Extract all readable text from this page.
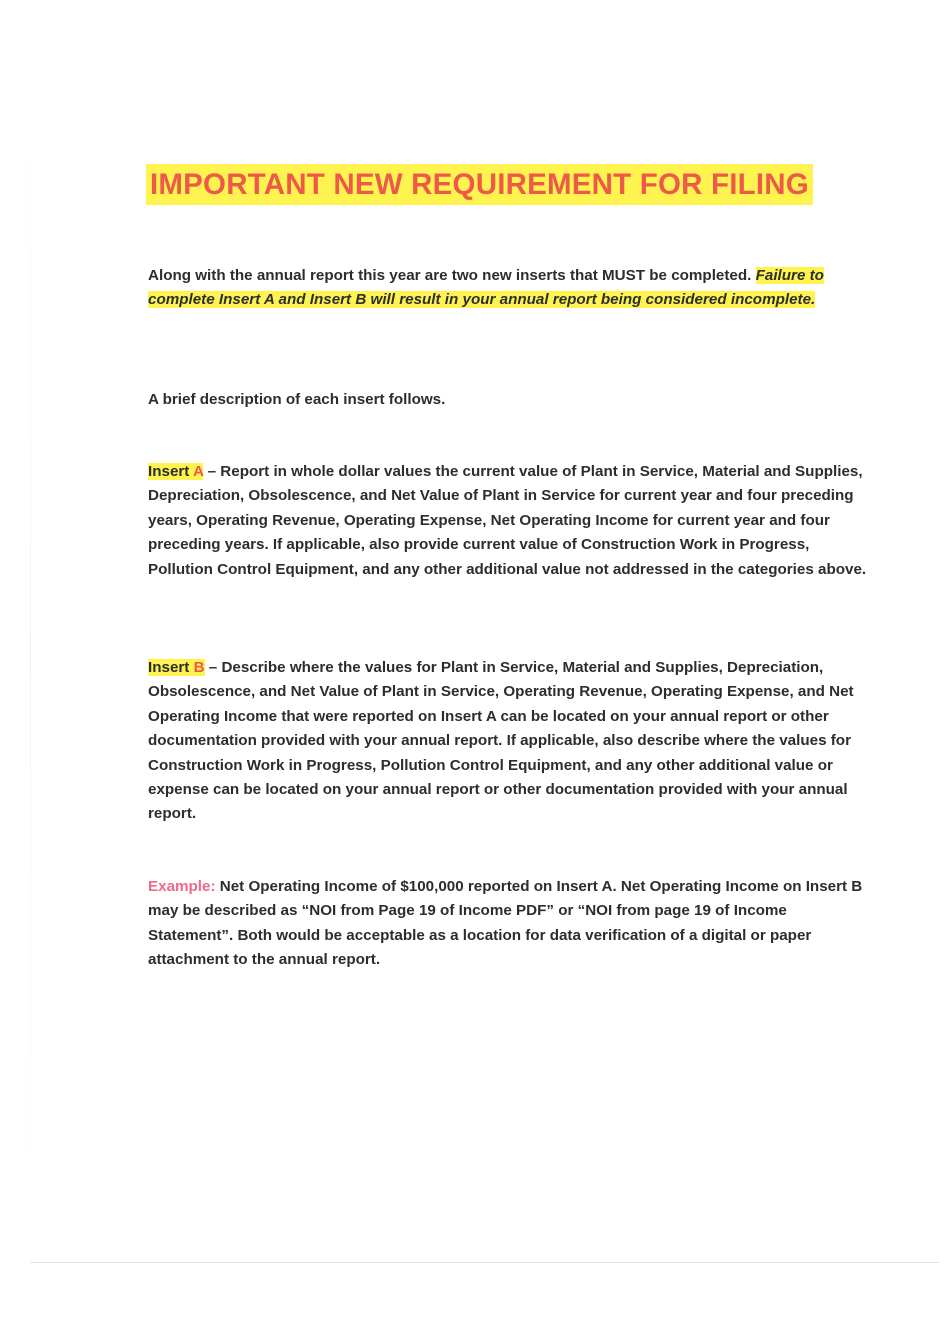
IMPORTANT NEW REQUIREMENT FOR FILING

Along with the annual report this year are two new inserts that MUST be completed. Failure to complete Insert A and Insert B will result in your annual report being considered incomplete.

A brief description of each insert follows.

Insert A – Report in whole dollar values the current value of Plant in Service, Material and Supplies, Depreciation, Obsolescence, and Net Value of Plant in Service for current year and four preceding years, Operating Revenue, Operating Expense, Net Operating Income for current year and four preceding years. If applicable, also provide current value of Construction Work in Progress, Pollution Control Equipment, and any other additional value not addressed in the categories above.

Insert B – Describe where the values for Plant in Service, Material and Supplies, Depreciation, Obsolescence, and Net Value of Plant in Service, Operating Revenue, Operating Expense, and Net Operating Income that were reported on Insert A can be located on your annual report or other documentation provided with your annual report. If applicable, also describe where the values for Construction Work in Progress, Pollution Control Equipment, and any other additional value or expense can be located on your annual report or other documentation provided with your annual report.

Example: Net Operating Income of $100,000 reported on Insert A. Net Operating Income on Insert B may be described as “NOI from Page 19 of Income PDF” or “NOI from page 19 of Income Statement”. Both would be acceptable as a location for data verification of a digital or paper attachment to the annual report.
